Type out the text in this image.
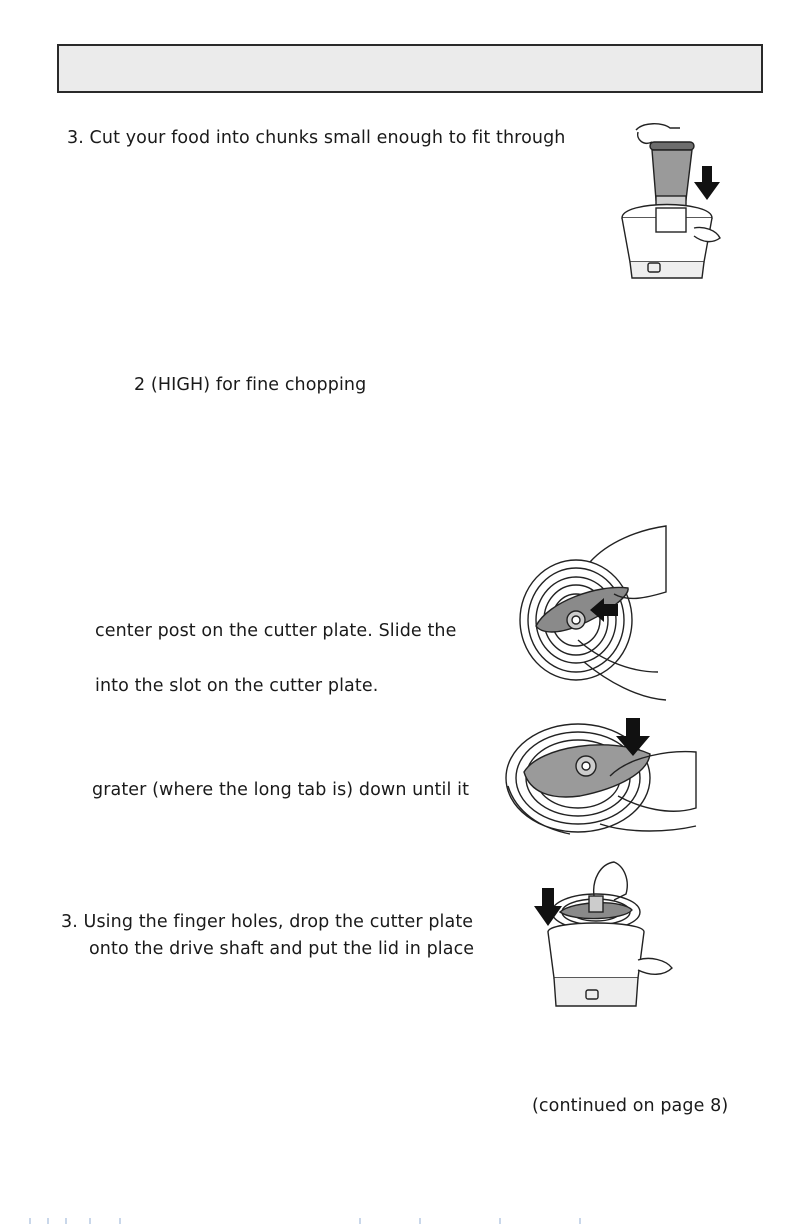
3. Cut your food into chunks small enough to fit through
2 (HIGH) for fine chopping
center post on the cutter plate. Slide the
into the slot on the cutter plate.
grater (where the long tab is) down until it
3. Using the finger holes, drop the cutter plate
onto the drive shaft and put the lid in place
(continued on page 8)
